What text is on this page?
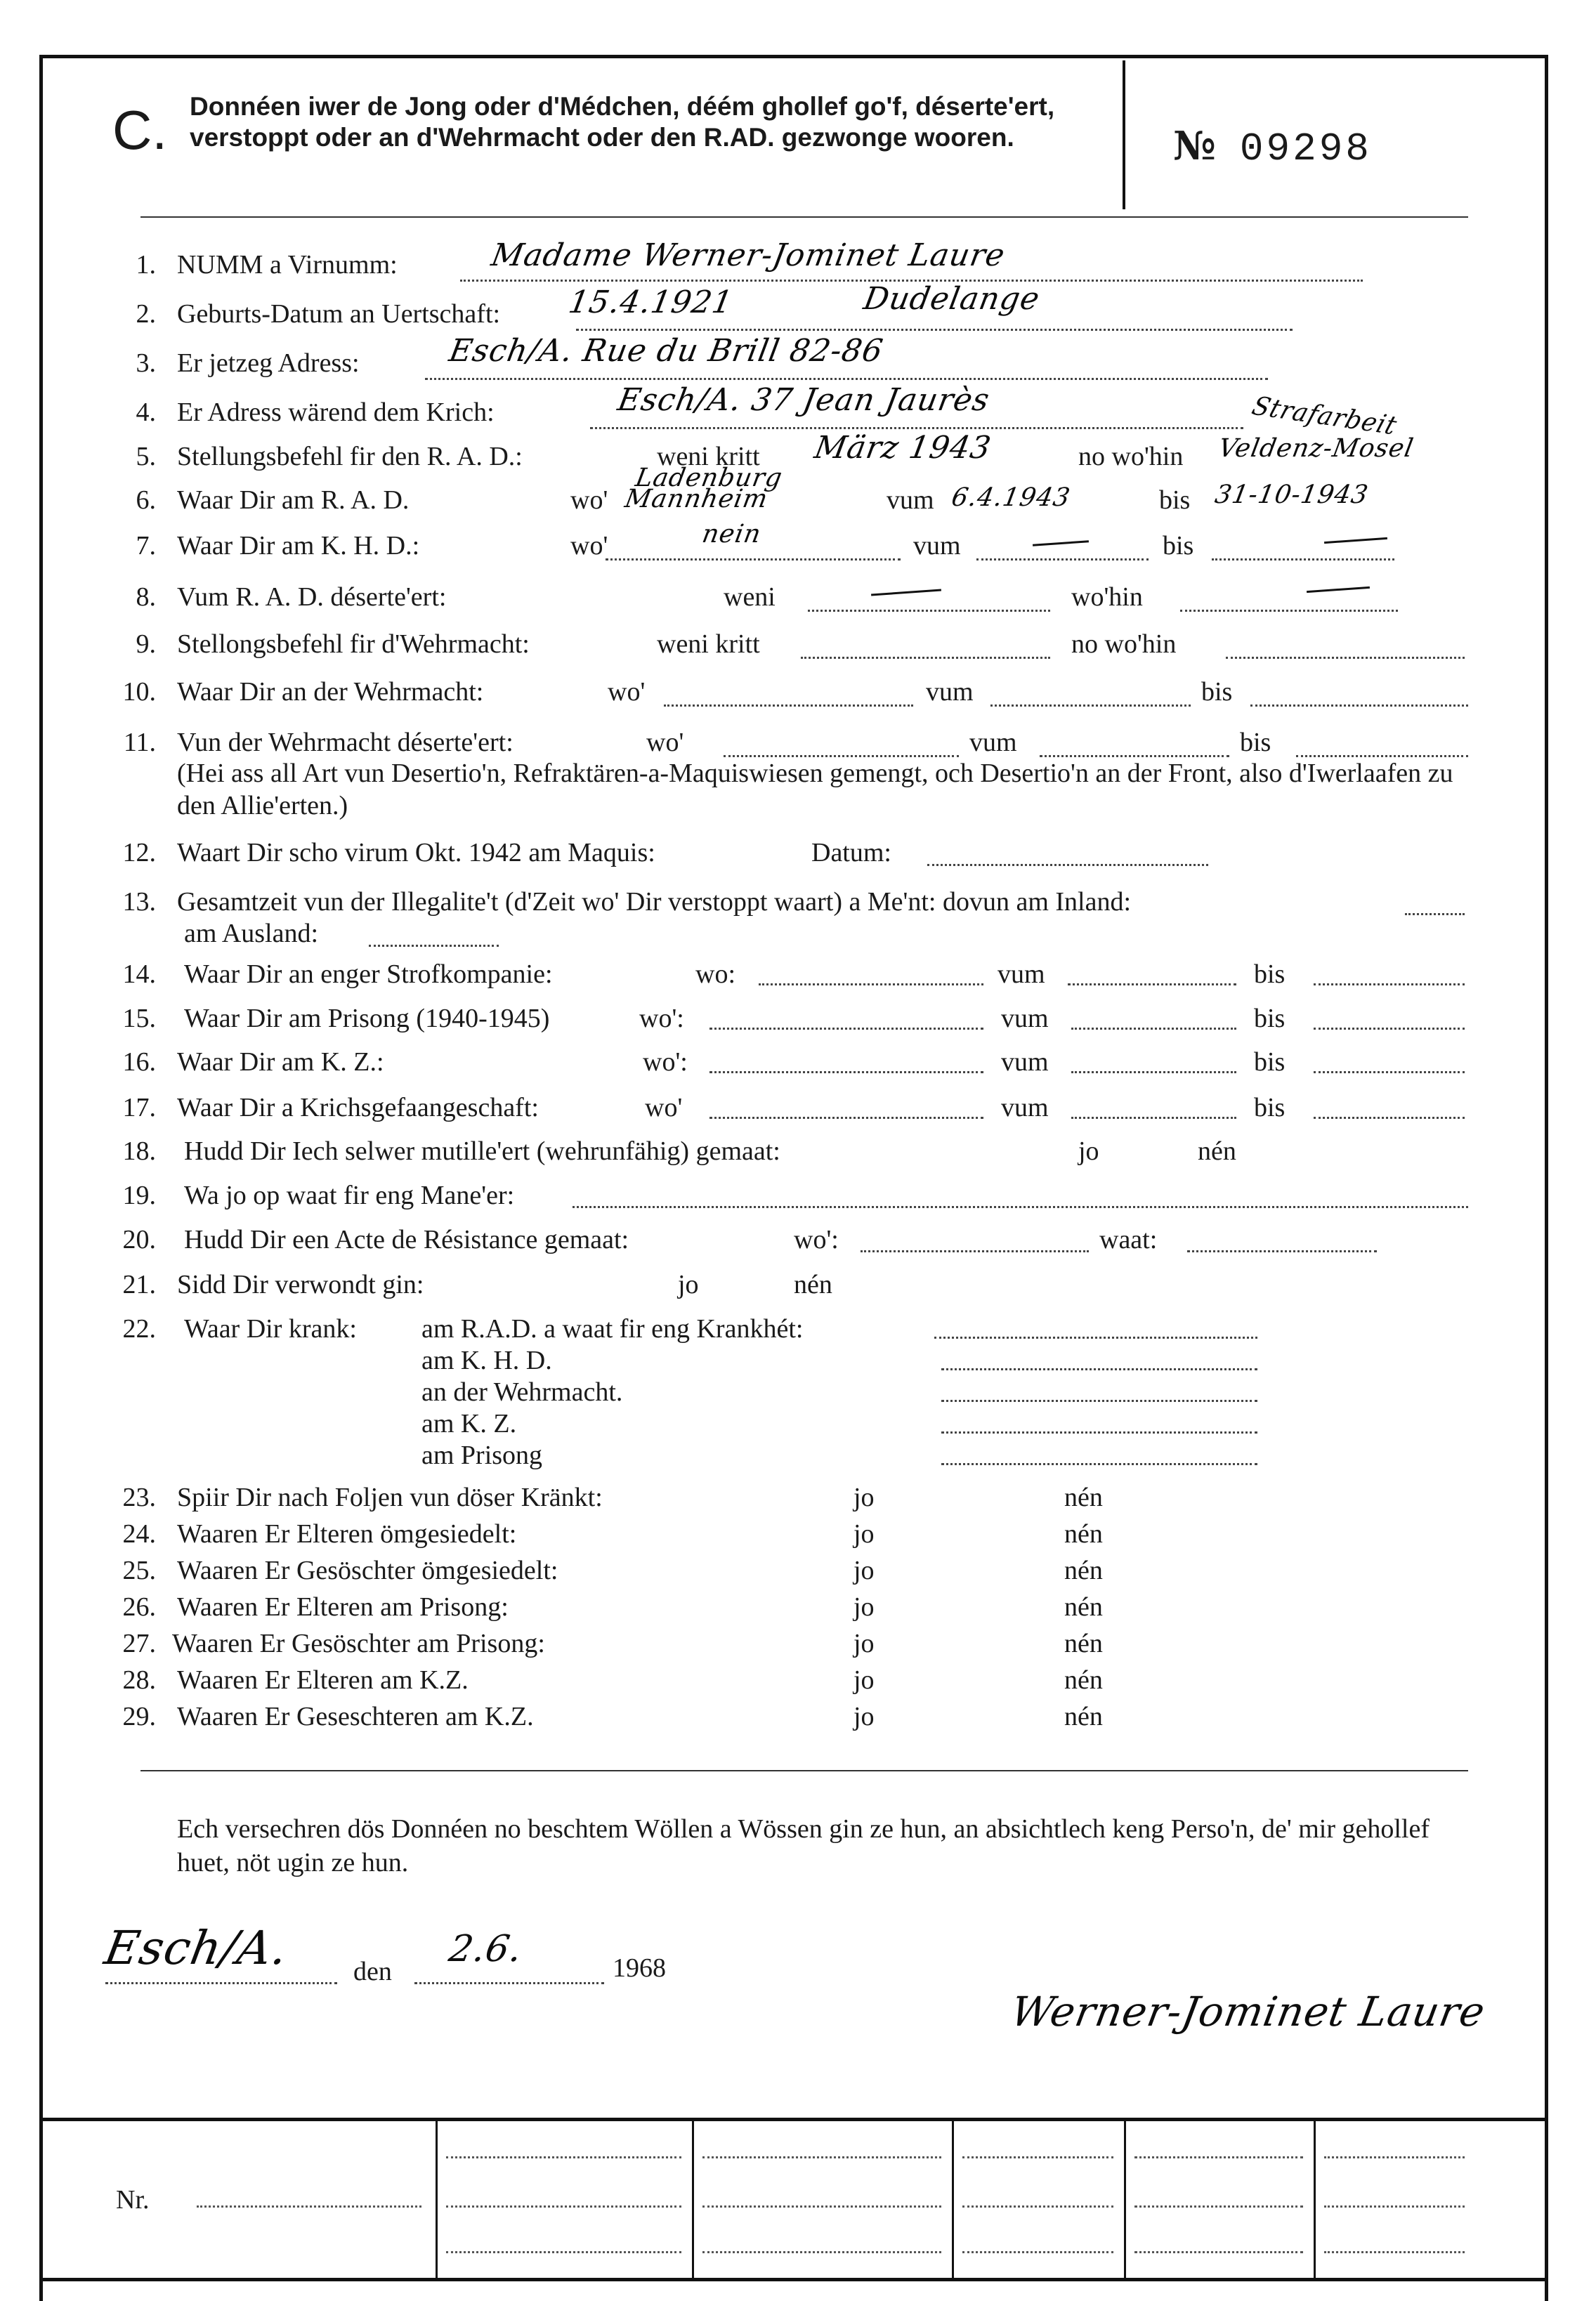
C. Donnéen iwer de Jong oder d'Médchen, déém ghollef go'f, déserte'ert, verstoppt oder an d'Wehrmacht oder den R.AD. gezwonge wooren.	№ 09298
1. NUMM a Virnumm:	Madame Werner-Jominet Laure
2. Geburts-Datum an Uertschaft: 15.4.1921	Dudelange
3. Er jetzeg Adress:	Esch/A. Rue du Brill 82-86
4. Er Adress wärend dem Krich:	Esch/A. 37 Jean Jaurès
5. Stellungsbefehl fir den R. A. D.:	weni kritt	no wo'hin
März 1943	Veldenz-Mosel
Strafarbeit
6. Waar Dir am R. A. D.	wo'	vum	bis
Ladenburg
Mannheim	6.4.1943	31-10-1943
7. Waar Dir am K. H. D.:	wo'	vum	bis
nein
8. Vum R. A. D. déserte'ert:	weni	wo'hin
9. Stellongsbefehl fir d'Wehrmacht:	weni kritt	no wo'hin
10. Waar Dir an der Wehrmacht:	wo'	vum	bis
11. Vun der Wehrmacht déserte'ert:	wo'	vum	bis
(Hei ass all Art vun Desertio'n, Refraktären-a-Maquiswiesen gemengt, och Desertio'n an der Front, also d'Iwerlaafen zu den Allie'erten.)
12. Waart Dir scho virum Okt. 1942 am Maquis:	Datum:
13. Gesamtzeit vun der Illegalite't (d'Zeit wo' Dir verstoppt waart) a Me'nt: dovun am Inland:
am Ausland:
14. Waar Dir an enger Strofkompanie:	wo:	vum	bis
15. Waar Dir am Prisong (1940-1945)	wo':	vum	bis
16. Waar Dir am K. Z.:	wo':	vum	bis
17. Waar Dir a Krichsgefaangeschaft:	wo'	vum	bis
18. Hudd Dir Iech selwer mutille'ert (wehrunfähig) gemaat:	jo	nén
19. Wa jo op waat fir eng Mane'er:
20. Hudd Dir een Acte de Résistance gemaat:	wo':	waat:
21. Sidd Dir verwondt gin:	jo	nén
22. Waar Dir krank: am R.A.D. a waat fir eng Krankhét:
am K. H. D.
an der Wehrmacht.
am K. Z.
am Prisong
23. Spiir Dir nach Foljen vun döser Kränkt:	jo	nén
24. Waaren Er Elteren ömgesiedelt:	jo	nén
25. Waaren Er Gesöschter ömgesiedelt:	jo	nén
26. Waaren Er Elteren am Prisong:	jo	nén
27. Waaren Er Gesöschter am Prisong:	jo	nén
28. Waaren Er Elteren am K.Z.	jo	nén
29. Waaren Er Geseschteren am K.Z.	jo	nén
Ech versechren dös Donnéen no beschtem Wöllen a Wössen gin ze hun, an absichtlech keng Perso'n, de' mir gehollef huet, nöt ugin ze hun.
Esch/A. den
2.6.	1968
Werner-Jominet Laure
Nr.
